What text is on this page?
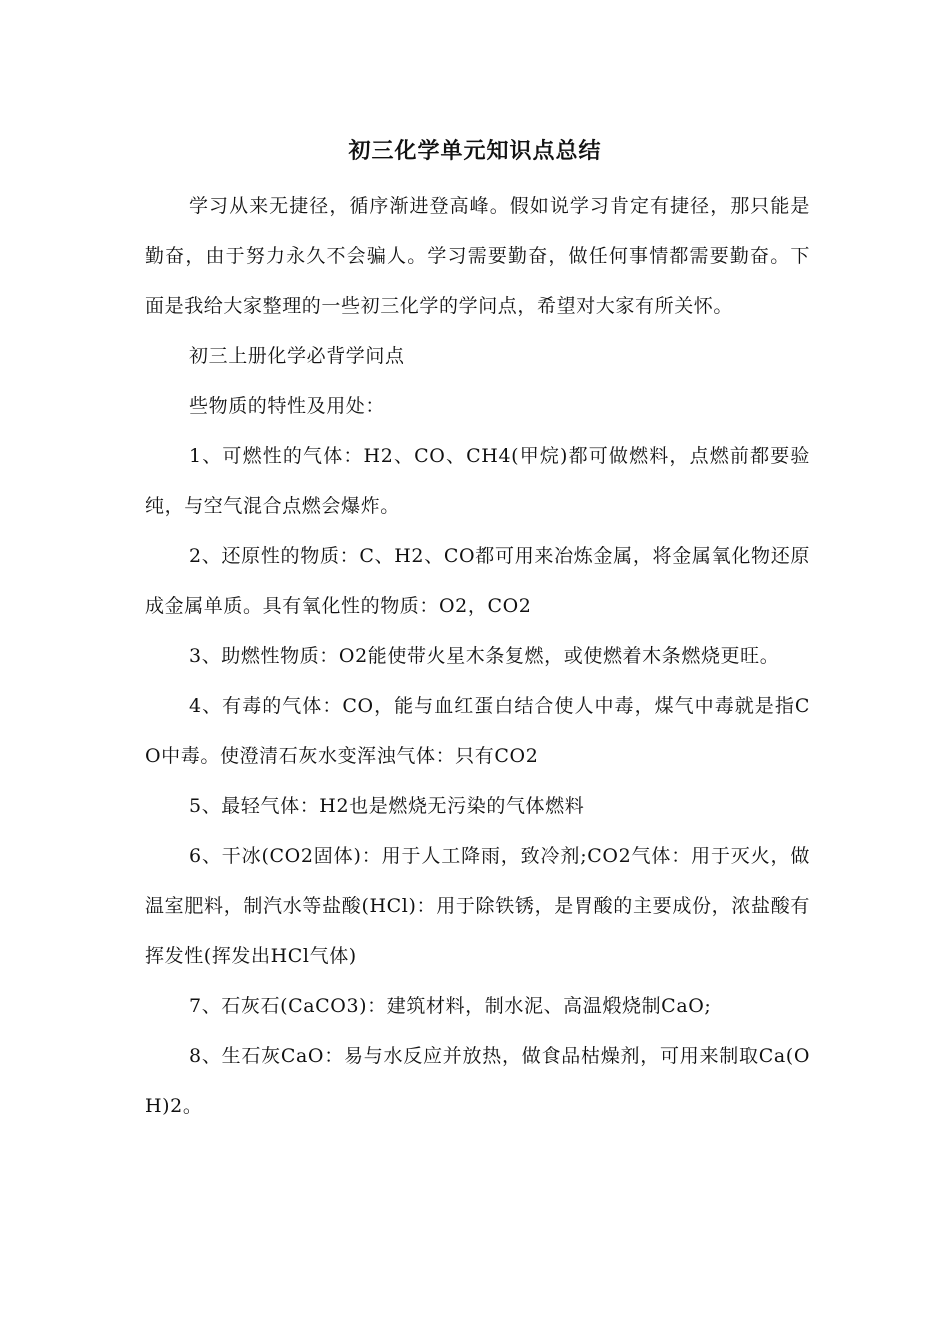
初三化学单元知识点总结

学习从来无捷径，循序渐进登高峰。假如说学习肯定有捷径，那只能是勤奋，由于努力永久不会骗人。学习需要勤奋，做任何事情都需要勤奋。下面是我给大家整理的一些初三化学的学问点，希望对大家有所关怀。

初三上册化学必背学问点

些物质的特性及用处：

1、可燃性的气体：H2、CO、CH4(甲烷)都可做燃料，点燃前都要验纯，与空气混合点燃会爆炸。

2、还原性的物质：C、H2、CO都可用来冶炼金属，将金属氧化物还原成金属单质。具有氧化性的物质：O2，CO2

3、助燃性物质：O2能使带火星木条复燃，或使燃着木条燃烧更旺。

4、有毒的气体：CO，能与血红蛋白结合使人中毒，煤气中毒就是指CO中毒。使澄清石灰水变浑浊气体：只有CO2

5、最轻气体：H2也是燃烧无污染的气体燃料

6、干冰(CO2固体)：用于人工降雨，致冷剂;CO2气体：用于灭火，做温室肥料，制汽水等盐酸(HCl)：用于除铁锈，是胃酸的主要成份，浓盐酸有挥发性(挥发出HCl气体)

7、石灰石(CaCO3)：建筑材料，制水泥、高温煅烧制CaO;

8、生石灰CaO：易与水反应并放热，做食品枯燥剂，可用来制取Ca(OH)2。
